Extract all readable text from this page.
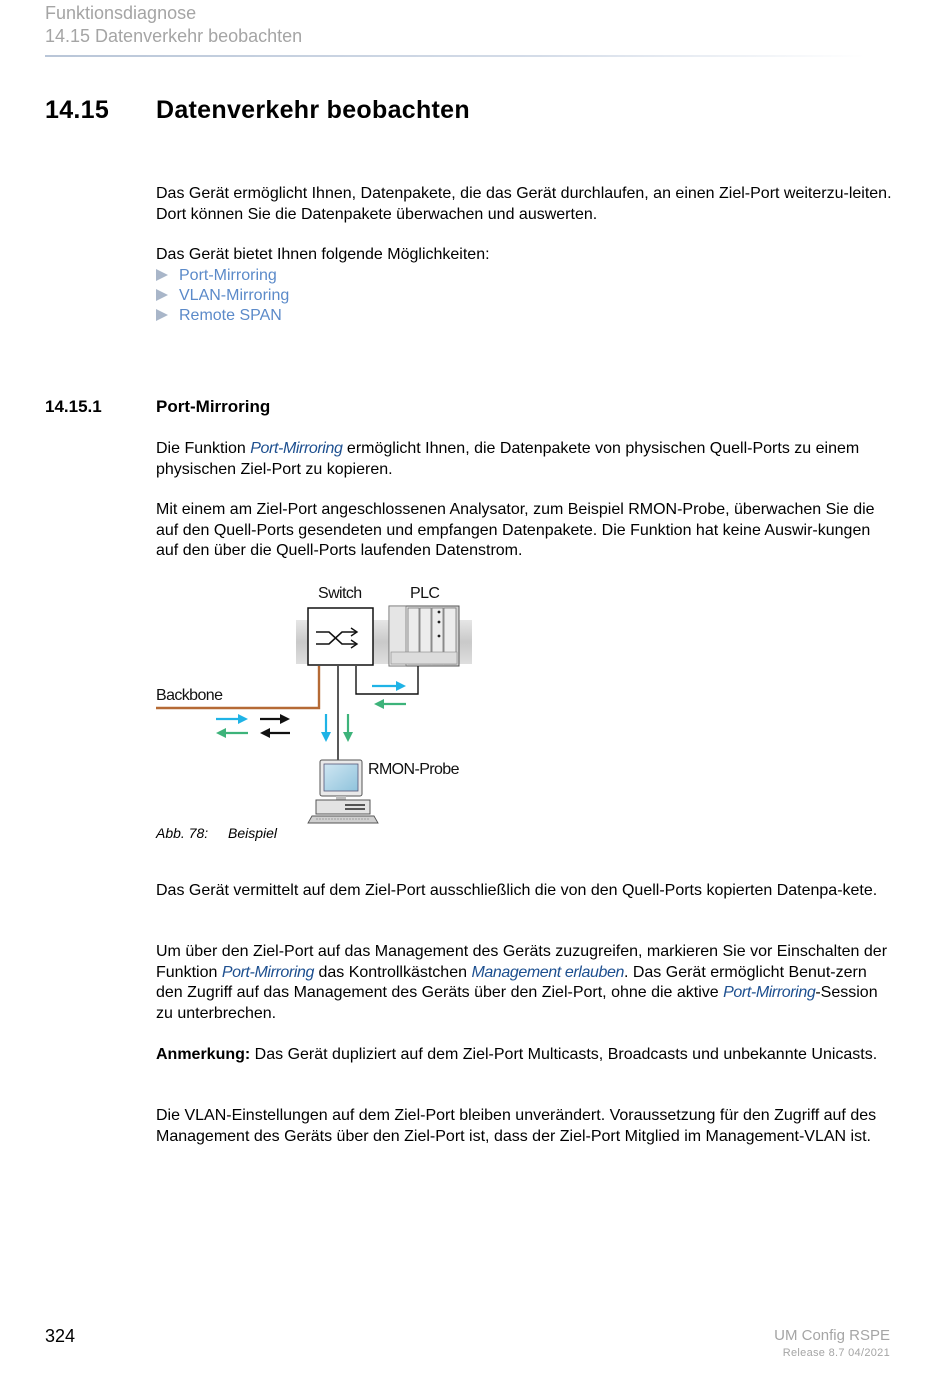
Funktionsdiagnose
14.15 Datenverkehr beobachten
14.15 Datenverkehr beobachten

Das Gerät ermöglicht Ihnen, Datenpakete, die das Gerät durchlaufen, an einen Ziel-Port weiterzu-leiten. Dort können Sie die Datenpakete überwachen und auswerten.

Das Gerät bietet Ihnen folgende Möglichkeiten:

Port-Mirroring
VLAN-Mirroring
Remote SPAN
14.15.1	Port-Mirroring

Die Funktion Port-Mirroring ermöglicht Ihnen, die Datenpakete von physischen Quell-Ports zu einem physischen Ziel-Port zu kopieren.

Mit einem am Ziel-Port angeschlossenen Analysator, zum Beispiel RMON-Probe, überwachen Sie die auf den Quell-Ports gesendeten und empfangen Datenpakete. Die Funktion hat keine Auswir-kungen auf den über die Quell-Ports laufenden Datenstrom.

Switch	PLC
Backbone
RMON-Probe
Abb. 78: Beispiel

Das Gerät vermittelt auf dem Ziel-Port ausschließlich die von den Quell-Ports kopierten Datenpa-kete.

Um über den Ziel-Port auf das Management des Geräts zuzugreifen, markieren Sie vor Einschalten der Funktion Port-Mirroring das Kontrollkästchen Management erlauben. Das Gerät ermöglicht Benut-zern den Zugriff auf das Management des Geräts über den Ziel-Port, ohne die aktive Port-Mirroring-Session zu unterbrechen.

Anmerkung: Das Gerät dupliziert auf dem Ziel-Port Multicasts, Broadcasts und unbekannte Unicasts.

Die VLAN-Einstellungen auf dem Ziel-Port bleiben unverändert. Voraussetzung für den Zugriff auf des Management des Geräts über den Ziel-Port ist, dass der Ziel-Port Mitglied im Management-VLAN ist.

324	UM Config RSPE
Release 8.7 04/2021
